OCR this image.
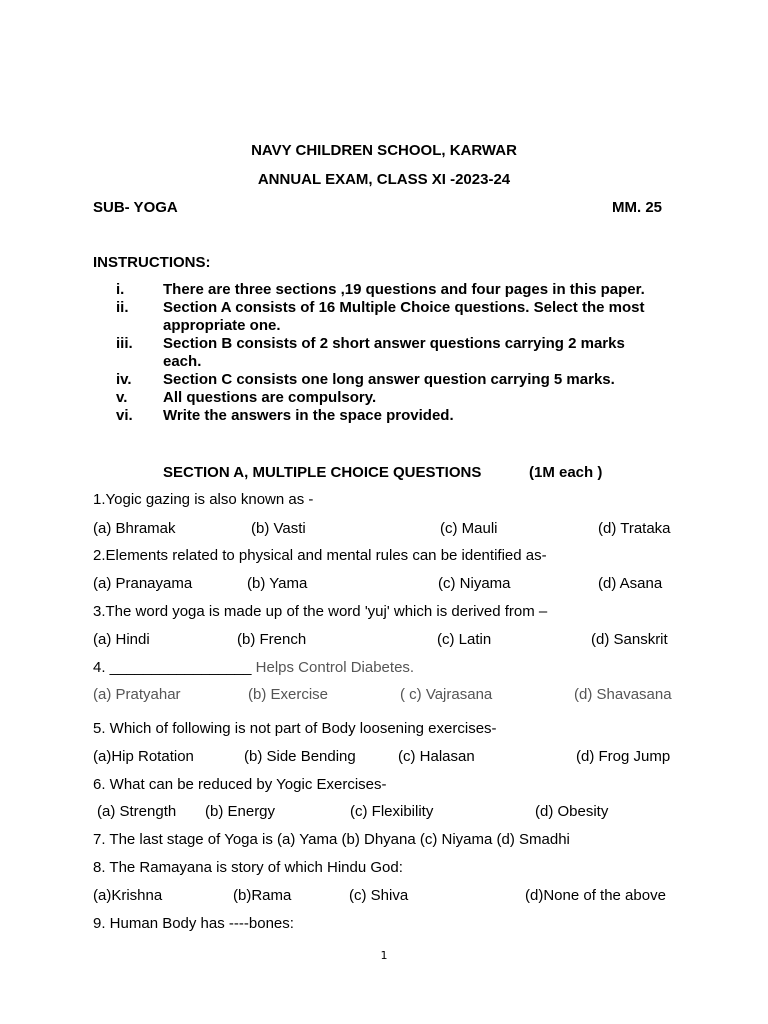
NAVY CHILDREN SCHOOL, KARWAR
ANNUAL EXAM, CLASS XI -2023-24
SUB- YOGA	MM. 25
INSTRUCTIONS:
i.	There are three sections ,19 questions and four pages in this paper.
ii.	Section A consists of 16 Multiple Choice questions. Select the most appropriate one.
iii.	Section B consists of 2 short answer questions carrying 2 marks each.
iv.	Section C consists one long answer question carrying 5 marks.
v.	All questions are compulsory.
vi.	Write the answers in the space provided.
SECTION A, MULTIPLE CHOICE QUESTIONS	(1M each )
1.Yogic gazing is also known as -
(a) Bhramak	(b) Vasti	(c) Mauli	(d) Trataka
2.Elements related to physical and mental rules can be identified as-
(a) Pranayama	(b) Yama	(c) Niyama	(d) Asana
3.The word yoga is made up of the word 'yuj' which is derived from –
(a) Hindi	(b) French	(c) Latin	(d) Sanskrit
4. _________________ Helps Control Diabetes.
(a) Pratyahar	(b) Exercise	( c) Vajrasana	(d) Shavasana
5. Which of following is not part of Body loosening exercises-
(a)Hip Rotation	(b) Side Bending	(c) Halasan	(d) Frog Jump
6. What can be reduced by Yogic Exercises-
(a) Strength (b) Energy	(c) Flexibility	(d) Obesity
7. The last stage of Yoga is (a) Yama (b) Dhyana (c) Niyama (d) Smadhi
8. The Ramayana is story of which Hindu God:
(a)Krishna	(b)Rama	(c) Shiva	(d)None of the above
9. Human Body has ----bones:
1
